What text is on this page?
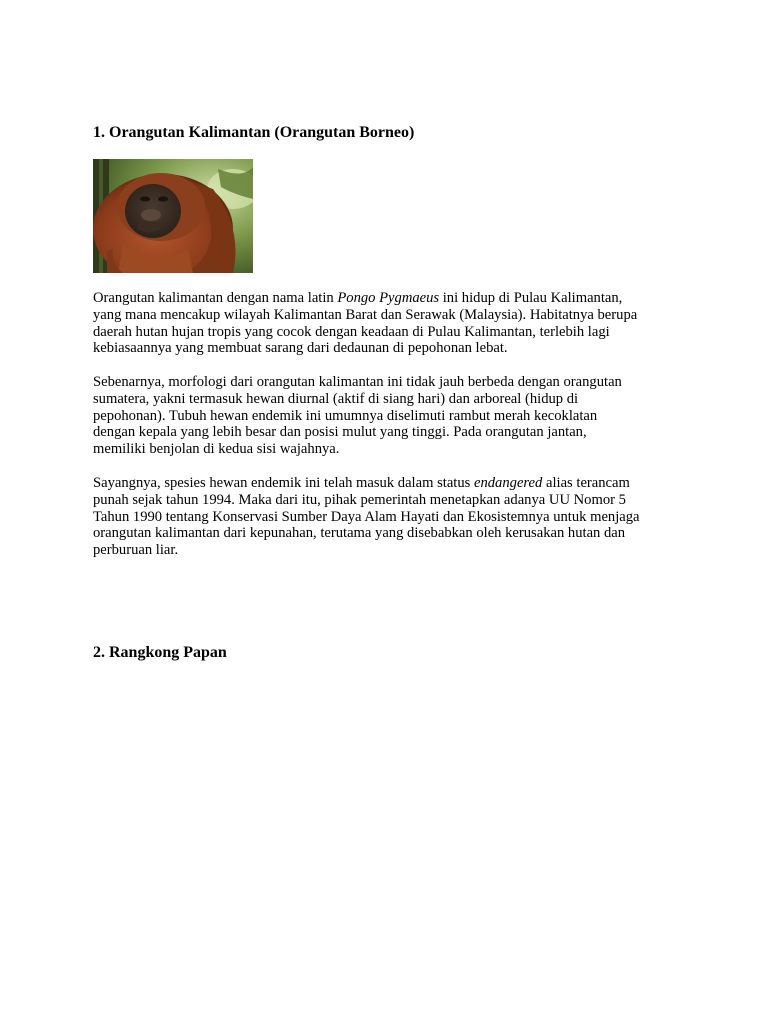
1. Orangutan Kalimantan (Orangutan Borneo)

Orangutan kalimantan dengan nama latin Pongo Pygmaeus ini hidup di Pulau Kalimantan,
yang mana mencakup wilayah Kalimantan Barat dan Serawak (Malaysia). Habitatnya berupa
daerah hutan hujan tropis yang cocok dengan keadaan di Pulau Kalimantan, terlebih lagi
kebiasaannya yang membuat sarang dari dedaunan di pepohonan lebat.

Sebenarnya, morfologi dari orangutan kalimantan ini tidak jauh berbeda dengan orangutan
sumatera, yakni termasuk hewan diurnal (aktif di siang hari) dan arboreal (hidup di
pepohonan). Tubuh hewan endemik ini umumnya diselimuti rambut merah kecoklatan
dengan kepala yang lebih besar dan posisi mulut yang tinggi. Pada orangutan jantan,
memiliki benjolan di kedua sisi wajahnya.

Sayangnya, spesies hewan endemik ini telah masuk dalam status endangered alias terancam
punah sejak tahun 1994. Maka dari itu, pihak pemerintah menetapkan adanya UU Nomor 5
Tahun 1990 tentang Konservasi Sumber Daya Alam Hayati dan Ekosistemnya untuk menjaga
orangutan kalimantan dari kepunahan, terutama yang disebabkan oleh kerusakan hutan dan
perburuan liar.

2. Rangkong Papan
